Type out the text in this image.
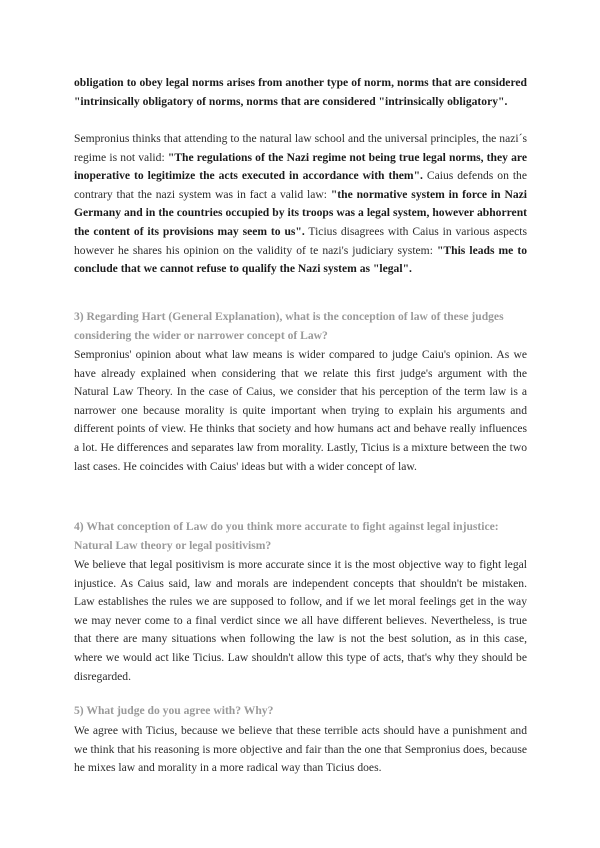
obligation to obey legal norms arises from another type of norm, norms that are considered "intrinsically obligatory of norms, norms that are considered "intrinsically obligatory".

Sempronius thinks that attending to the natural law school and the universal principles, the nazi´s regime is not valid: "The regulations of the Nazi regime not being true legal norms, they are inoperative to legitimize the acts executed in accordance with them". Caius defends on the contrary that the nazi system was in fact a valid law: "the normative system in force in Nazi Germany and in the countries occupied by its troops was a legal system, however abhorrent the content of its provisions may seem to us". Ticius disagrees with Caius in various aspects however he shares his opinion on the validity of te nazi's judiciary system: "This leads me to conclude that we cannot refuse to qualify the Nazi system as "legal".

3) Regarding Hart (General Explanation), what is the conception of law of these judges considering the wider or narrower concept of Law?

Sempronius' opinion about what law means is wider compared to judge Caiu's opinion. As we have already explained when considering that we relate this first judge's argument with the Natural Law Theory. In the case of Caius, we consider that his perception of the term law is a narrower one because morality is quite important when trying to explain his arguments and different points of view. He thinks that society and how humans act and behave really influences a lot. He differences and separates law from morality. Lastly, Ticius is a mixture between the two last cases. He coincides with Caius' ideas but with a wider concept of law.

4) What conception of Law do you think more accurate to fight against legal injustice: Natural Law theory or legal positivism?

We believe that legal positivism is more accurate since it is the most objective way to fight legal injustice. As Caius said, law and morals are independent concepts that shouldn't be mistaken. Law establishes the rules we are supposed to follow, and if we let moral feelings get in the way we may never come to a final verdict since we all have different believes. Nevertheless, is true that there are many situations when following the law is not the best solution, as in this case, where we would act like Ticius. Law shouldn't allow this type of acts, that's why they should be disregarded.

5) What judge do you agree with? Why?

We agree with Ticius, because we believe that these terrible acts should have a punishment and we think that his reasoning is more objective and fair than the one that Sempronius does, because he mixes law and morality in a more radical way than Ticius does.
